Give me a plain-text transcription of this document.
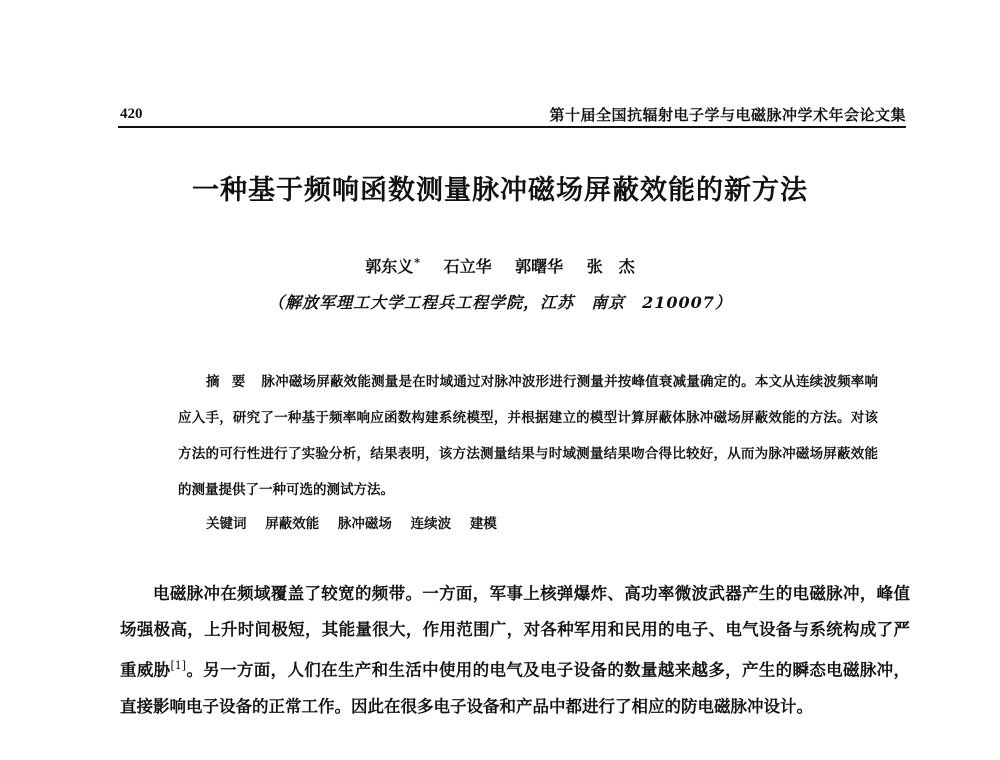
420	第十届全国抗辐射电子学与电磁脉冲学术年会论文集
一种基于频响函数测量脉冲磁场屏蔽效能的新方法
郭东义* 石立华 郭曙华 张　杰
（解放军理工大学工程兵工程学院，江苏　南京　210007）
摘要 脉冲磁场屏蔽效能测量是在时域通过对脉冲波形进行测量并按峰值衰减量确定的。本文从连续波频率响应入手，研究了一种基于频率响应函数构建系统模型，并根据建立的模型计算屏蔽体脉冲磁场屏蔽效能的方法。对该方法的可行性进行了实验分析，结果表明，该方法测量结果与时域测量结果吻合得比较好，从而为脉冲磁场屏蔽效能的测量提供了一种可选的测试方法。
关键词 屏蔽效能 脉冲磁场 连续波 建模
电磁脉冲在频域覆盖了较宽的频带。一方面，军事上核弹爆炸、高功率微波武器产生的电磁脉冲，峰值场强极高，上升时间极短，其能量很大，作用范围广，对各种军用和民用的电子、电气设备与系统构成了严重威胁[1]。另一方面，人们在生产和生活中使用的电气及电子设备的数量越来越多，产生的瞬态电磁脉冲，直接影响电子设备的正常工作。因此在很多电子设备和产品中都进行了相应的防电磁脉冲设计。
